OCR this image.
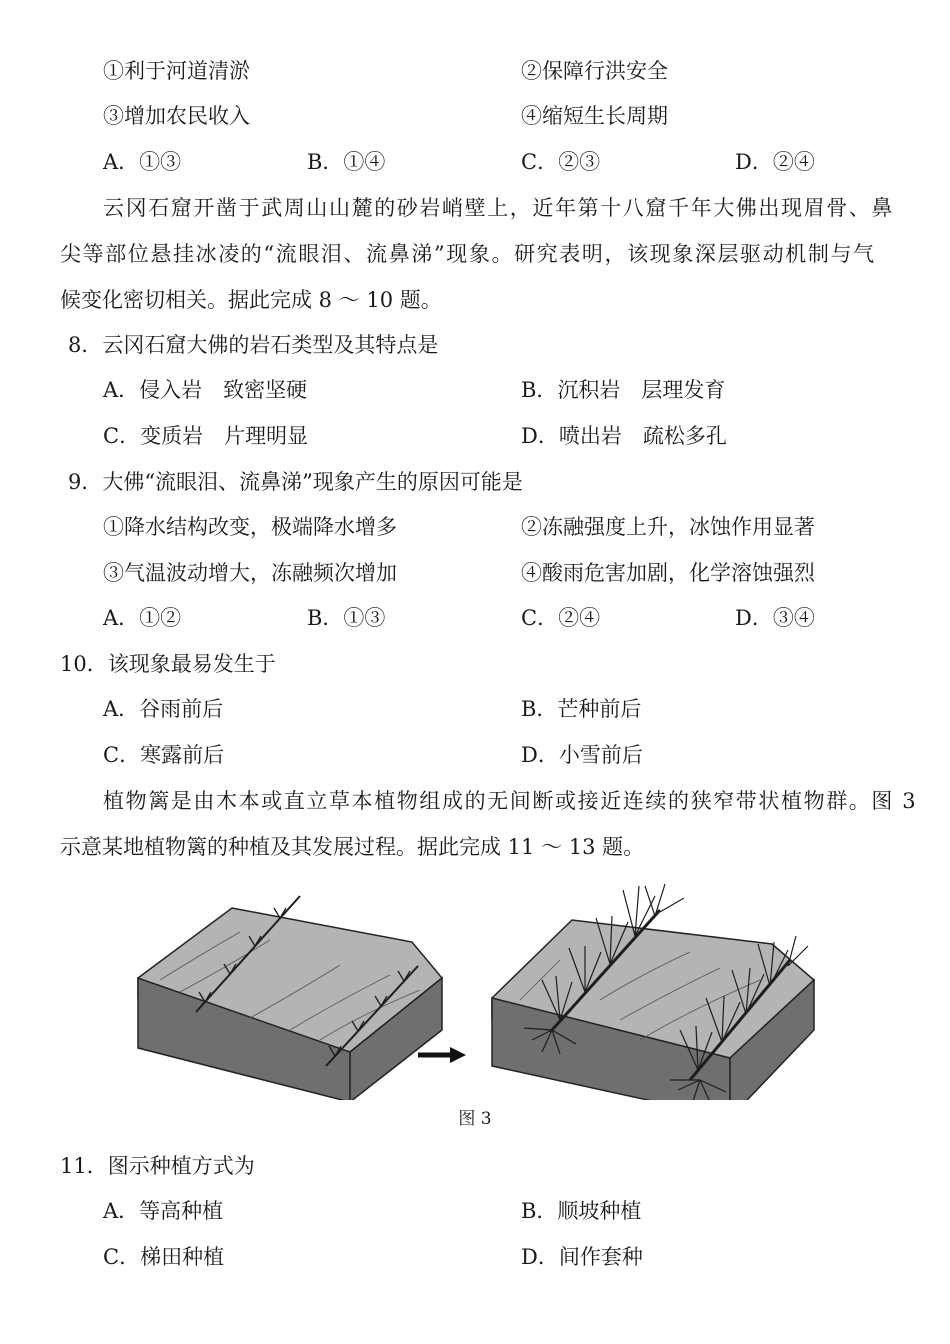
①利于河道清淤	②保障行洪安全
③增加农民收入	④缩短生长周期
A．①③	B．①④	C．②③	D．②④
云冈石窟开凿于武周山山麓的砂岩峭壁上，近年第十八窟千年大佛出现眉骨、鼻
尖等部位悬挂冰凌的“流眼泪、流鼻涕”现象。研究表明，该现象深层驱动机制与气
候变化密切相关。据此完成 8 ～ 10 题。
8．云冈石窟大佛的岩石类型及其特点是
A．侵入岩　致密坚硬	B．沉积岩　层理发育
C．变质岩　片理明显	D．喷出岩　疏松多孔
9．大佛“流眼泪、流鼻涕”现象产生的原因可能是
①降水结构改变，极端降水增多	②冻融强度上升，冰蚀作用显著
③气温波动增大，冻融频次增加	④酸雨危害加剧，化学溶蚀强烈
A．①②	B．①③	C．②④	D．③④
10．该现象最易发生于
A．谷雨前后	B．芒种前后
C．寒露前后	D．小雪前后
植物篱是由木本或直立草本植物组成的无间断或接近连续的狭窄带状植物群。图 3
示意某地植物篱的种植及其发展过程。据此完成 11 ～ 13 题。
图 3
11．图示种植方式为
A．等高种植	B．顺坡种植
C．梯田种植	D．间作套种
